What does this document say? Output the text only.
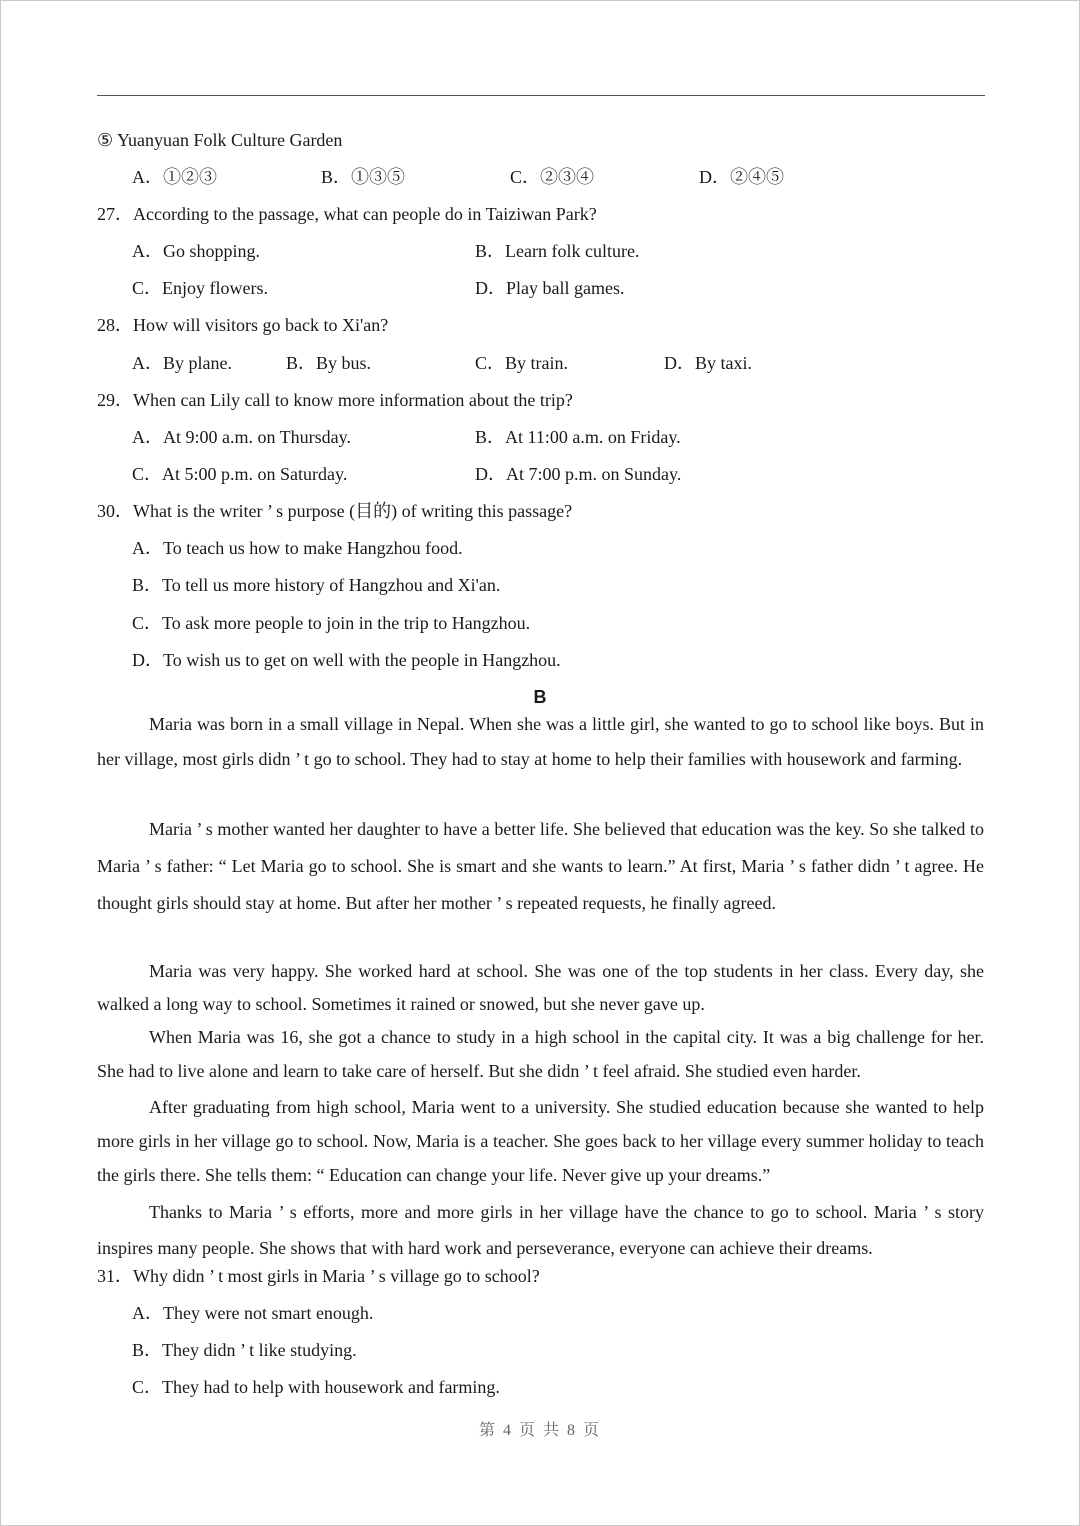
⑤ Yuanyuan Folk Culture Garden
A．①②③	B．①③⑤	C．②③④	D．②④⑤
27．According to the passage, what can people do in Taiziwan Park?
A．Go shopping.	B．Learn folk culture.
C．Enjoy flowers.	D．Play ball games.
28．How will visitors go back to Xi'an?
A．By plane.	B．By bus.	C．By train.	D．By taxi.
29．When can Lily call to know more information about the trip?
A．At 9:00 a.m. on Thursday.	B．At 11:00 a.m. on Friday.
C．At 5:00 p.m. on Saturday.	D．At 7:00 p.m. on Sunday.
30．What is the writer ’ s purpose (目的) of writing this passage?
A．To teach us how to make Hangzhou food.
B．To tell us more history of Hangzhou and Xi'an.
C．To ask more people to join in the trip to Hangzhou.
D．To wish us to get on well with the people in Hangzhou.
B

Maria was born in a small village in Nepal. When she was a little girl, she wanted to go to school like boys. But in her village, most girls didn ’ t go to school. They had to stay at home to help their families with housework and farming.

Maria ’ s mother wanted her daughter to have a better life. She believed that education was the key. So she talked to Maria ’ s father: “ Let Maria go to school. She is smart and she wants to learn.” At first, Maria ’ s father didn ’ t agree. He thought girls should stay at home. But after her mother ’ s repeated requests, he finally agreed.

Maria was very happy. She worked hard at school. She was one of the top students in her class. Every day, she walked a long way to school. Sometimes it rained or snowed, but she never gave up.

When Maria was 16, she got a chance to study in a high school in the capital city. It was a big challenge for her. She had to live alone and learn to take care of herself. But she didn ’ t feel afraid. She studied even harder.

After graduating from high school, Maria went to a university. She studied education because she wanted to help more girls in her village go to school. Now, Maria is a teacher. She goes back to her village every summer holiday to teach the girls there. She tells them: “ Education can change your life. Never give up your dreams.”

Thanks to Maria ’ s efforts, more and more girls in her village have the chance to go to school. Maria ’ s story inspires many people. She shows that with hard work and perseverance, everyone can achieve their dreams.

31．Why didn ’ t most girls in Maria ’ s village go to school?
A．They were not smart enough.
B．They didn ’ t like studying.
C．They had to help with housework and farming.
第 4 页 共 8 页
